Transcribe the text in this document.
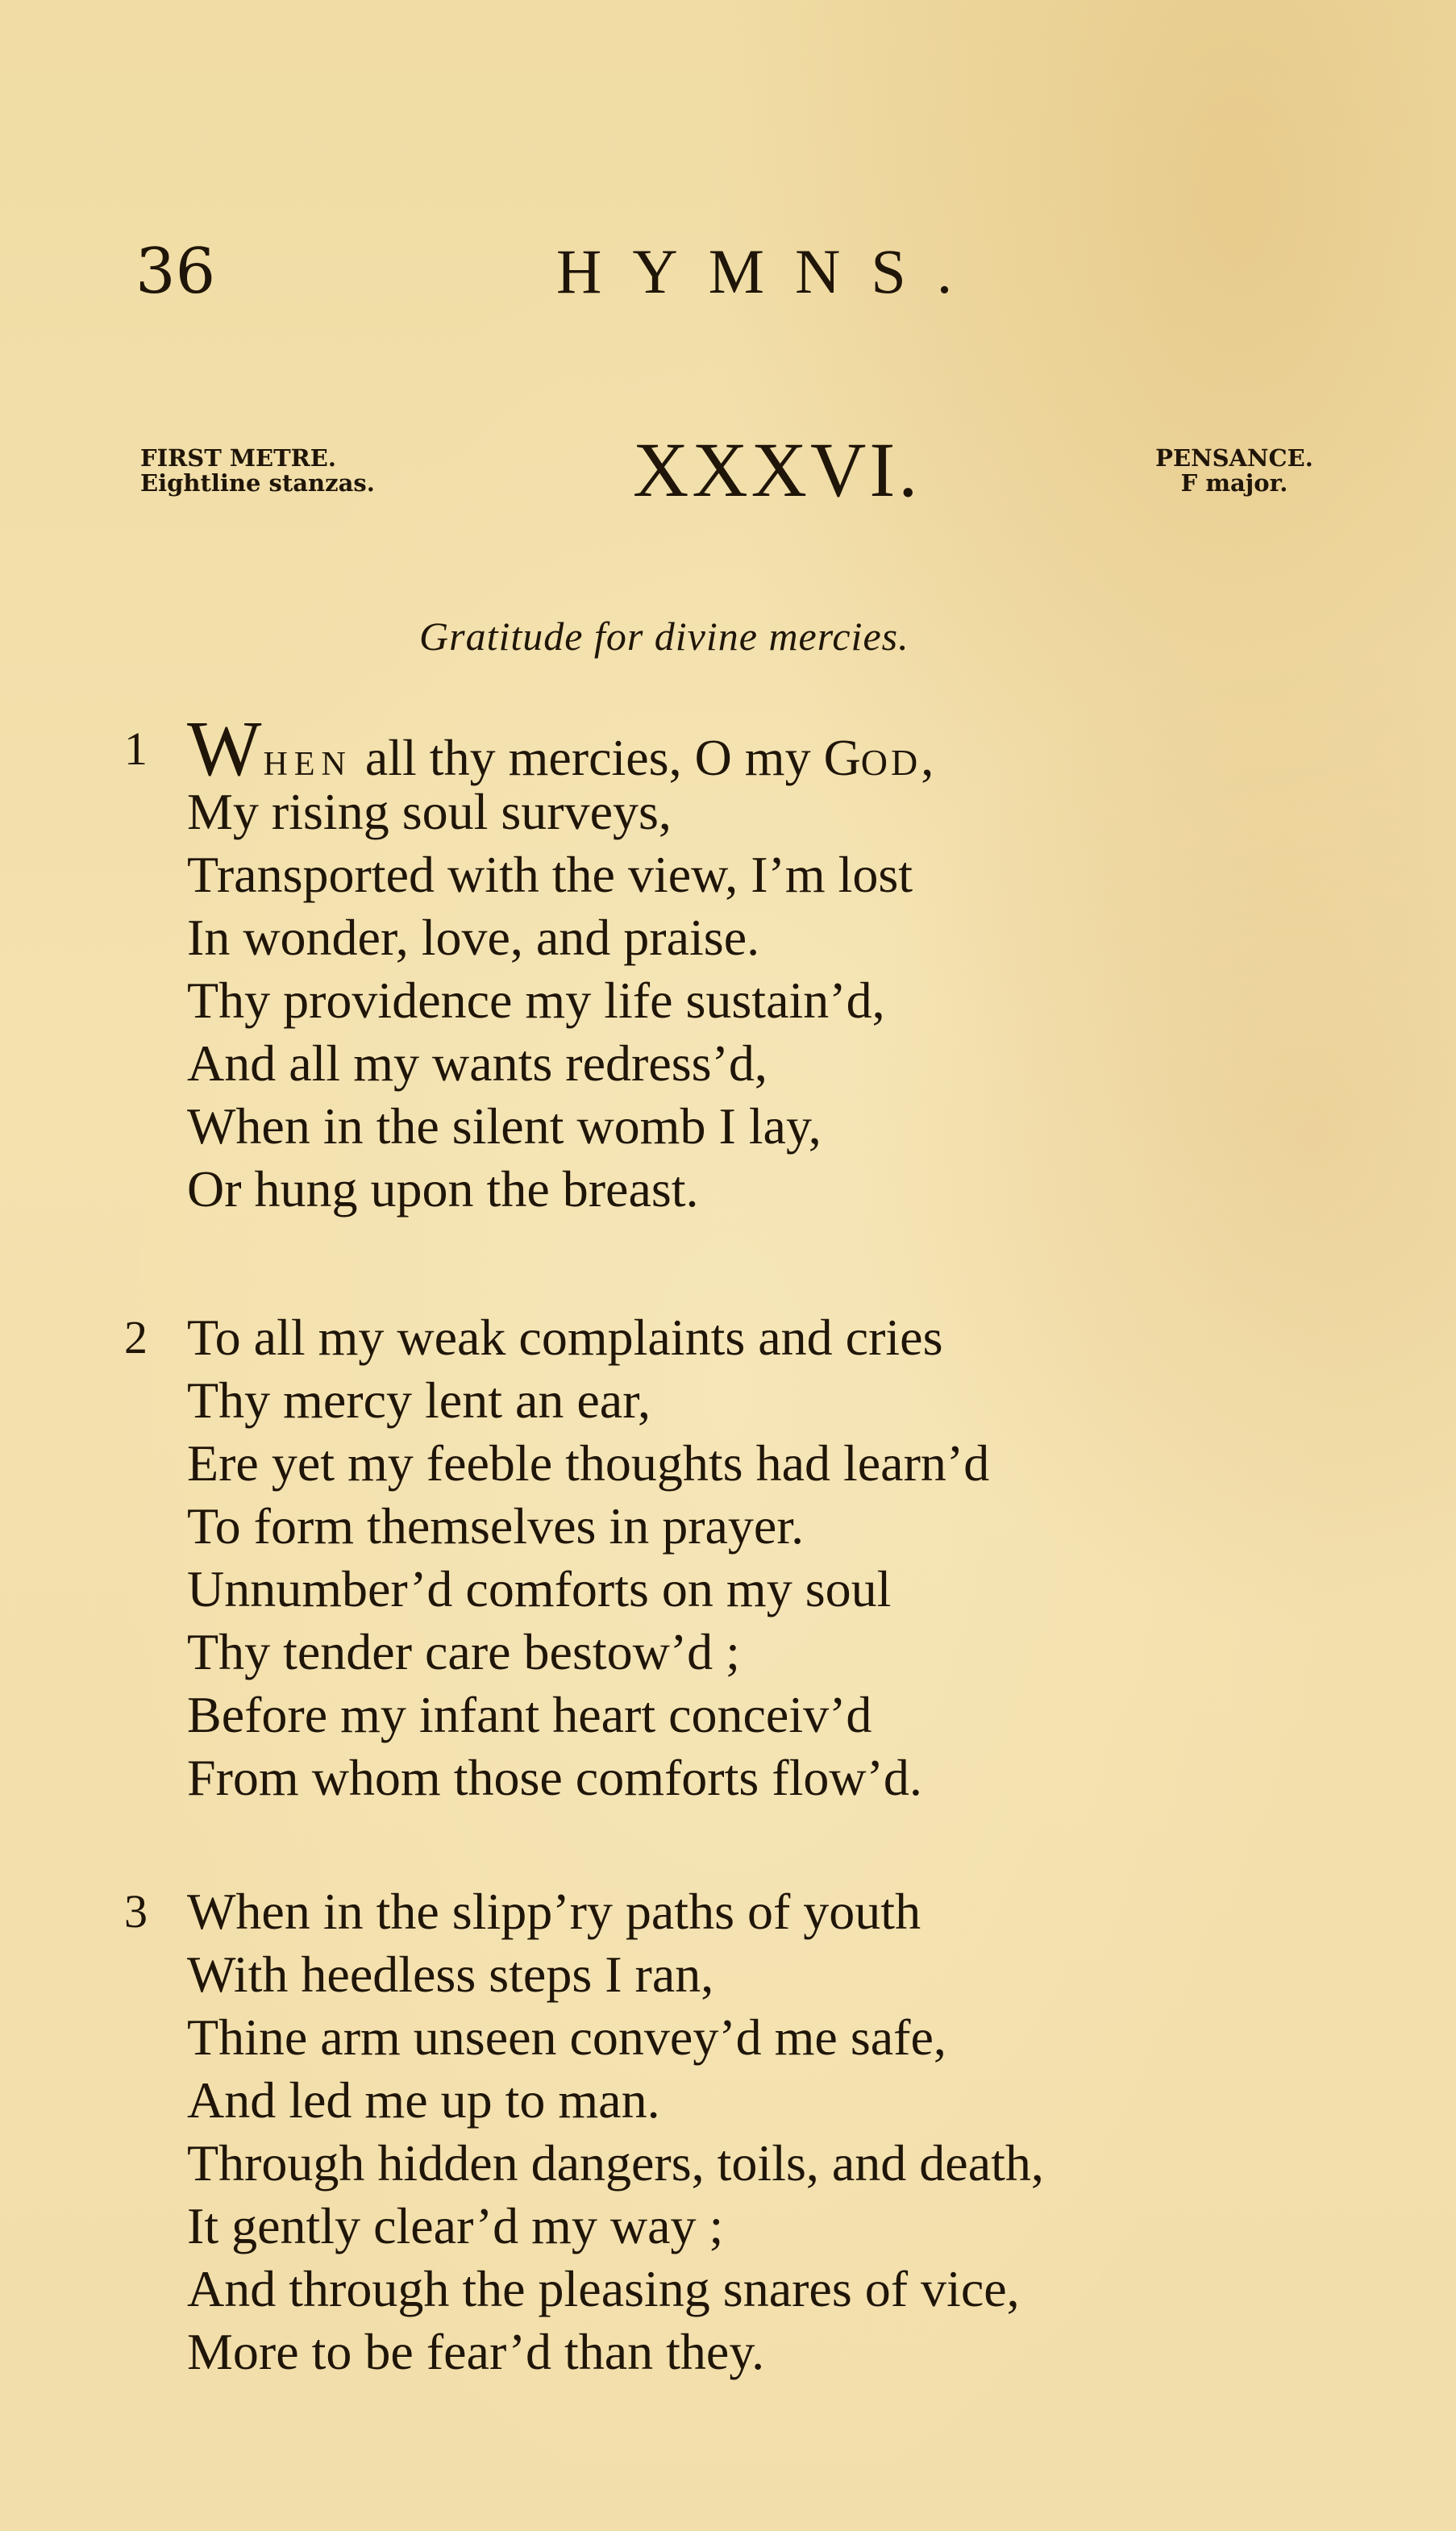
36	HYMNS.
FIRST METRE.
Eightline stanzas.	XXXVI.	PENSANCE.
F major.
Gratitude for divine mercies.
1 WHEN all thy mercies, O my GOD,
My rising soul surveys,
Transported with the view, I’m lost
In wonder, love, and praise.
Thy providence my life sustain’d,
And all my wants redress’d,
When in the silent womb I lay,
Or hung upon the breast.
2 To all my weak complaints and cries
Thy mercy lent an ear,
Ere yet my feeble thoughts had learn’d
To form themselves in prayer.
Unnumber’d comforts on my soul
Thy tender care bestow’d ;
Before my infant heart conceiv’d
From whom those comforts flow’d.
3 When in the slipp’ry paths of youth
With heedless steps I ran,
Thine arm unseen convey’d me safe,
And led me up to man.
Through hidden dangers, toils, and death,
It gently clear’d my way ;
And through the pleasing snares of vice,
More to be fear’d than they.
